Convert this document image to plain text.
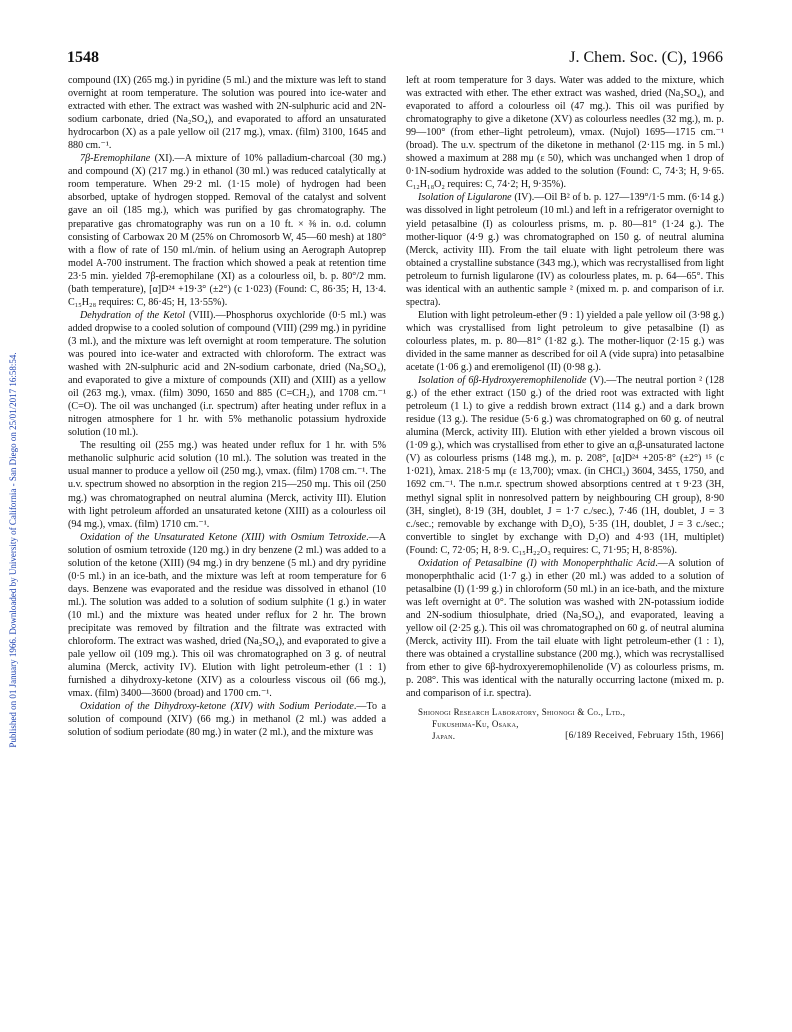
Published on 01 January 1966. Downloaded by University of California - San Diego on 25/01/2017 16:58:54.
1548	J. Chem. Soc. (C), 1966

compound (IX) (265 mg.) in pyridine (5 ml.) and the mixture was left to stand overnight at room temperature. The solution was poured into ice-water and extracted with ether. The extract was washed with 2N-sulphuric acid and 2N-sodium carbonate, dried (Na₂SO₄), and evaporated to afford an unsaturated hydrocarbon (X) as a pale yellow oil (217 mg.), νmax. (film) 3100, 1645 and 880 cm.⁻¹.

7β-Eremophilane (XI).—A mixture of 10% palladium-charcoal (30 mg.) and compound (X) (217 mg.) in ethanol (30 ml.) was reduced catalytically at room temperature. When 29·2 ml. (1·15 mole) of hydrogen had been absorbed, uptake of hydrogen stopped. Removal of the catalyst and solvent gave an oil (185 mg.), which was purified by gas chromatography. The preparative gas chromatography was run on a 10 ft. × ⅜ in. o.d. column consisting of Carbowax 20 M (25% on Chromosorb W, 45—60 mesh) at 180° with a flow of rate of 150 ml./min. of helium using an Aerograph Autoprep model A-700 instrument. The fraction which showed a peak at retention time 23·5 min. yielded 7β-eremophilane (XI) as a colourless oil, b. p. 80°/2 mm. (bath temperature), [α]D²⁴ +19·3° (±2°) (c 1·023) (Found: C, 86·35; H, 13·4. C₁₅H₂₈ requires: C, 86·45; H, 13·55%).

Dehydration of the Ketol (VIII).—Phosphorus oxychloride (0·5 ml.) was added dropwise to a cooled solution of compound (VIII) (299 mg.) in pyridine (3 ml.), and the mixture was left overnight at room temperature. The solution was poured into ice-water and extracted with chloroform. The extract was washed with 2N-sulphuric acid and 2N-sodium carbonate, dried (Na₂SO₄), and evaporated to give a mixture of compounds (XII) and (XIII) as a yellow oil (263 mg.), νmax. (film) 3090, 1650 and 885 (C=CH₂), and 1708 cm.⁻¹ (C=O). The oil was unchanged (i.r. spectrum) after heating under reflux in a nitrogen atmosphere for 1 hr. with 5% methanolic potassium hydroxide solution (10 ml.).

The resulting oil (255 mg.) was heated under reflux for 1 hr. with 5% methanolic sulphuric acid solution (10 ml.). The solution was treated in the usual manner to produce a yellow oil (250 mg.), νmax. (film) 1708 cm.⁻¹. The u.v. spectrum showed no absorption in the region 215—250 mμ. This oil (250 mg.) was chromatographed on neutral alumina (Merck, activity III). Elution with light petroleum afforded an unsaturated ketone (XIII) as a colourless oil (94 mg.), νmax. (film) 1710 cm.⁻¹.

Oxidation of the Unsaturated Ketone (XIII) with Osmium Tetroxide.—A solution of osmium tetroxide (120 mg.) in dry benzene (2 ml.) was added to a solution of the ketone (XIII) (94 mg.) in dry benzene (5 ml.) and dry pyridine (0·5 ml.) in an ice-bath, and the mixture was left at room temperature for 6 days. Benzene was evaporated and the residue was dissolved in ethanol (10 ml.). The solution was added to a solution of sodium sulphite (1 g.) in water (10 ml.) and the mixture was heated under reflux for 2 hr. The brown precipitate was removed by filtration and the filtrate was extracted with chloroform. The extract was washed, dried (Na₂SO₄), and evaporated to give a pale yellow oil (109 mg.). This oil was chromatographed on 3 g. of neutral alumina (Merck, activity IV). Elution with light petroleum-ether (1 : 1) furnished a dihydroxy-ketone (XIV) as a colourless viscous oil (66 mg.), νmax. (film) 3400—3600 (broad) and 1700 cm.⁻¹.

Oxidation of the Dihydroxy-ketone (XIV) with Sodium Periodate.—To a solution of compound (XIV) (66 mg.) in methanol (2 ml.) was added a solution of sodium periodate (80 mg.) in water (2 ml.), and the mixture was

left at room temperature for 3 days. Water was added to the mixture, which was extracted with ether. The ether extract was washed, dried (Na₂SO₄), and evaporated to afford a colourless oil (47 mg.). This oil was purified by chromatography to give a diketone (XV) as colourless needles (32 mg.), m. p. 99—100° (from ether–light petroleum), νmax. (Nujol) 1695—1715 cm.⁻¹ (broad). The u.v. spectrum of the diketone in methanol (2·115 mg. in 5 ml.) showed a maximum at 288 mμ (ε 50), which was unchanged when 1 drop of 0·1N-sodium hydroxide was added to the solution (Found: C, 74·3; H, 9·65. C₁₂H₁₈O₂ requires: C, 74·2; H, 9·35%).

Isolation of Ligularone (IV).—Oil B² of b. p. 127—139°/1·5 mm. (6·14 g.) was dissolved in light petroleum (10 ml.) and left in a refrigerator overnight to yield petasalbine (I) as colourless prisms, m. p. 80—81° (1·24 g.). The mother-liquor (4·9 g.) was chromatographed on 150 g. of neutral alumina (Merck, activity III). From the tail eluate with light petroleum there was obtained a crystalline substance (343 mg.), which was recrystallised from light petroleum to furnish ligularone (IV) as colourless plates, m. p. 64—65°. This was identical with an authentic sample ² (mixed m. p. and comparison of i.r. spectra).

Elution with light petroleum-ether (9 : 1) yielded a pale yellow oil (3·98 g.) which was crystallised from light petroleum to give petasalbine (I) as colourless plates, m. p. 80—81° (1·82 g.). The mother-liquor (2·15 g.) was divided in the same manner as described for oil A (vide supra) into petasalbine acetate (1·06 g.) and eremoligenol (II) (0·98 g.).

Isolation of 6β-Hydroxyeremophilenolide (V).—The neutral portion ² (128 g.) of the ether extract (150 g.) of the dried root was extracted with light petroleum (1 l.) to give a reddish brown extract (114 g.) and a dark brown residue (13 g.). The residue (5·6 g.) was chromatographed on 60 g. of neutral alumina (Merck, activity III). Elution with ether yielded a brown viscous oil (1·09 g.), which was crystallised from ether to give an α,β-unsaturated lactone (V) as colourless prisms (148 mg.), m. p. 208°, [α]D²⁴ +205·8° (±2°) ¹⁵ (c 1·021), λmax. 218·5 mμ (ε 13,700); νmax. (in CHCl₃) 3604, 3455, 1750, and 1692 cm.⁻¹. The n.m.r. spectrum showed absorptions centred at τ 9·23 (3H, methyl signal split in nonresolved pattern by neighbouring CH group), 8·90 (3H, singlet), 8·19 (3H, doublet, J = 1·7 c./sec.), 7·46 (1H, doublet, J = 3 c./sec.; removable by exchange with D₂O), 5·35 (1H, doublet, J = 3 c./sec.; convertible to singlet by exchange with D₂O) and 4·93 (1H, multiplet) (Found: C, 72·05; H, 8·9. C₁₅H₂₂O₃ requires: C, 71·95; H, 8·85%).

Oxidation of Petasalbine (I) with Monoperphthalic Acid.—A solution of monoperphthalic acid (1·7 g.) in ether (20 ml.) was added to a solution of petasalbine (I) (1·99 g.) in chloroform (50 ml.) in an ice-bath, and the mixture was left overnight at 0°. The solution was washed with 2N-potassium iodide and 2N-sodium thiosulphate, dried (Na₂SO₄), and evaporated, leaving a yellow oil (2·25 g.). This oil was chromatographed on 60 g. of neutral alumina (Merck, activity III). From the tail eluate with light petroleum-ether (1 : 1), there was obtained a crystalline substance (200 mg.), which was recrystallised from ether to give 6β-hydroxyeremophilenolide (V) as colourless prisms, m. p. 208°. This was identical with the naturally occurring lactone (mixed m. p. and comparison of i.r. spectra).

Shionogi Research Laboratory, Shionogi & Co., Ltd.,
Fukushima-Ku, Osaka,
Japan.	[6/189 Received, February 15th, 1966]
